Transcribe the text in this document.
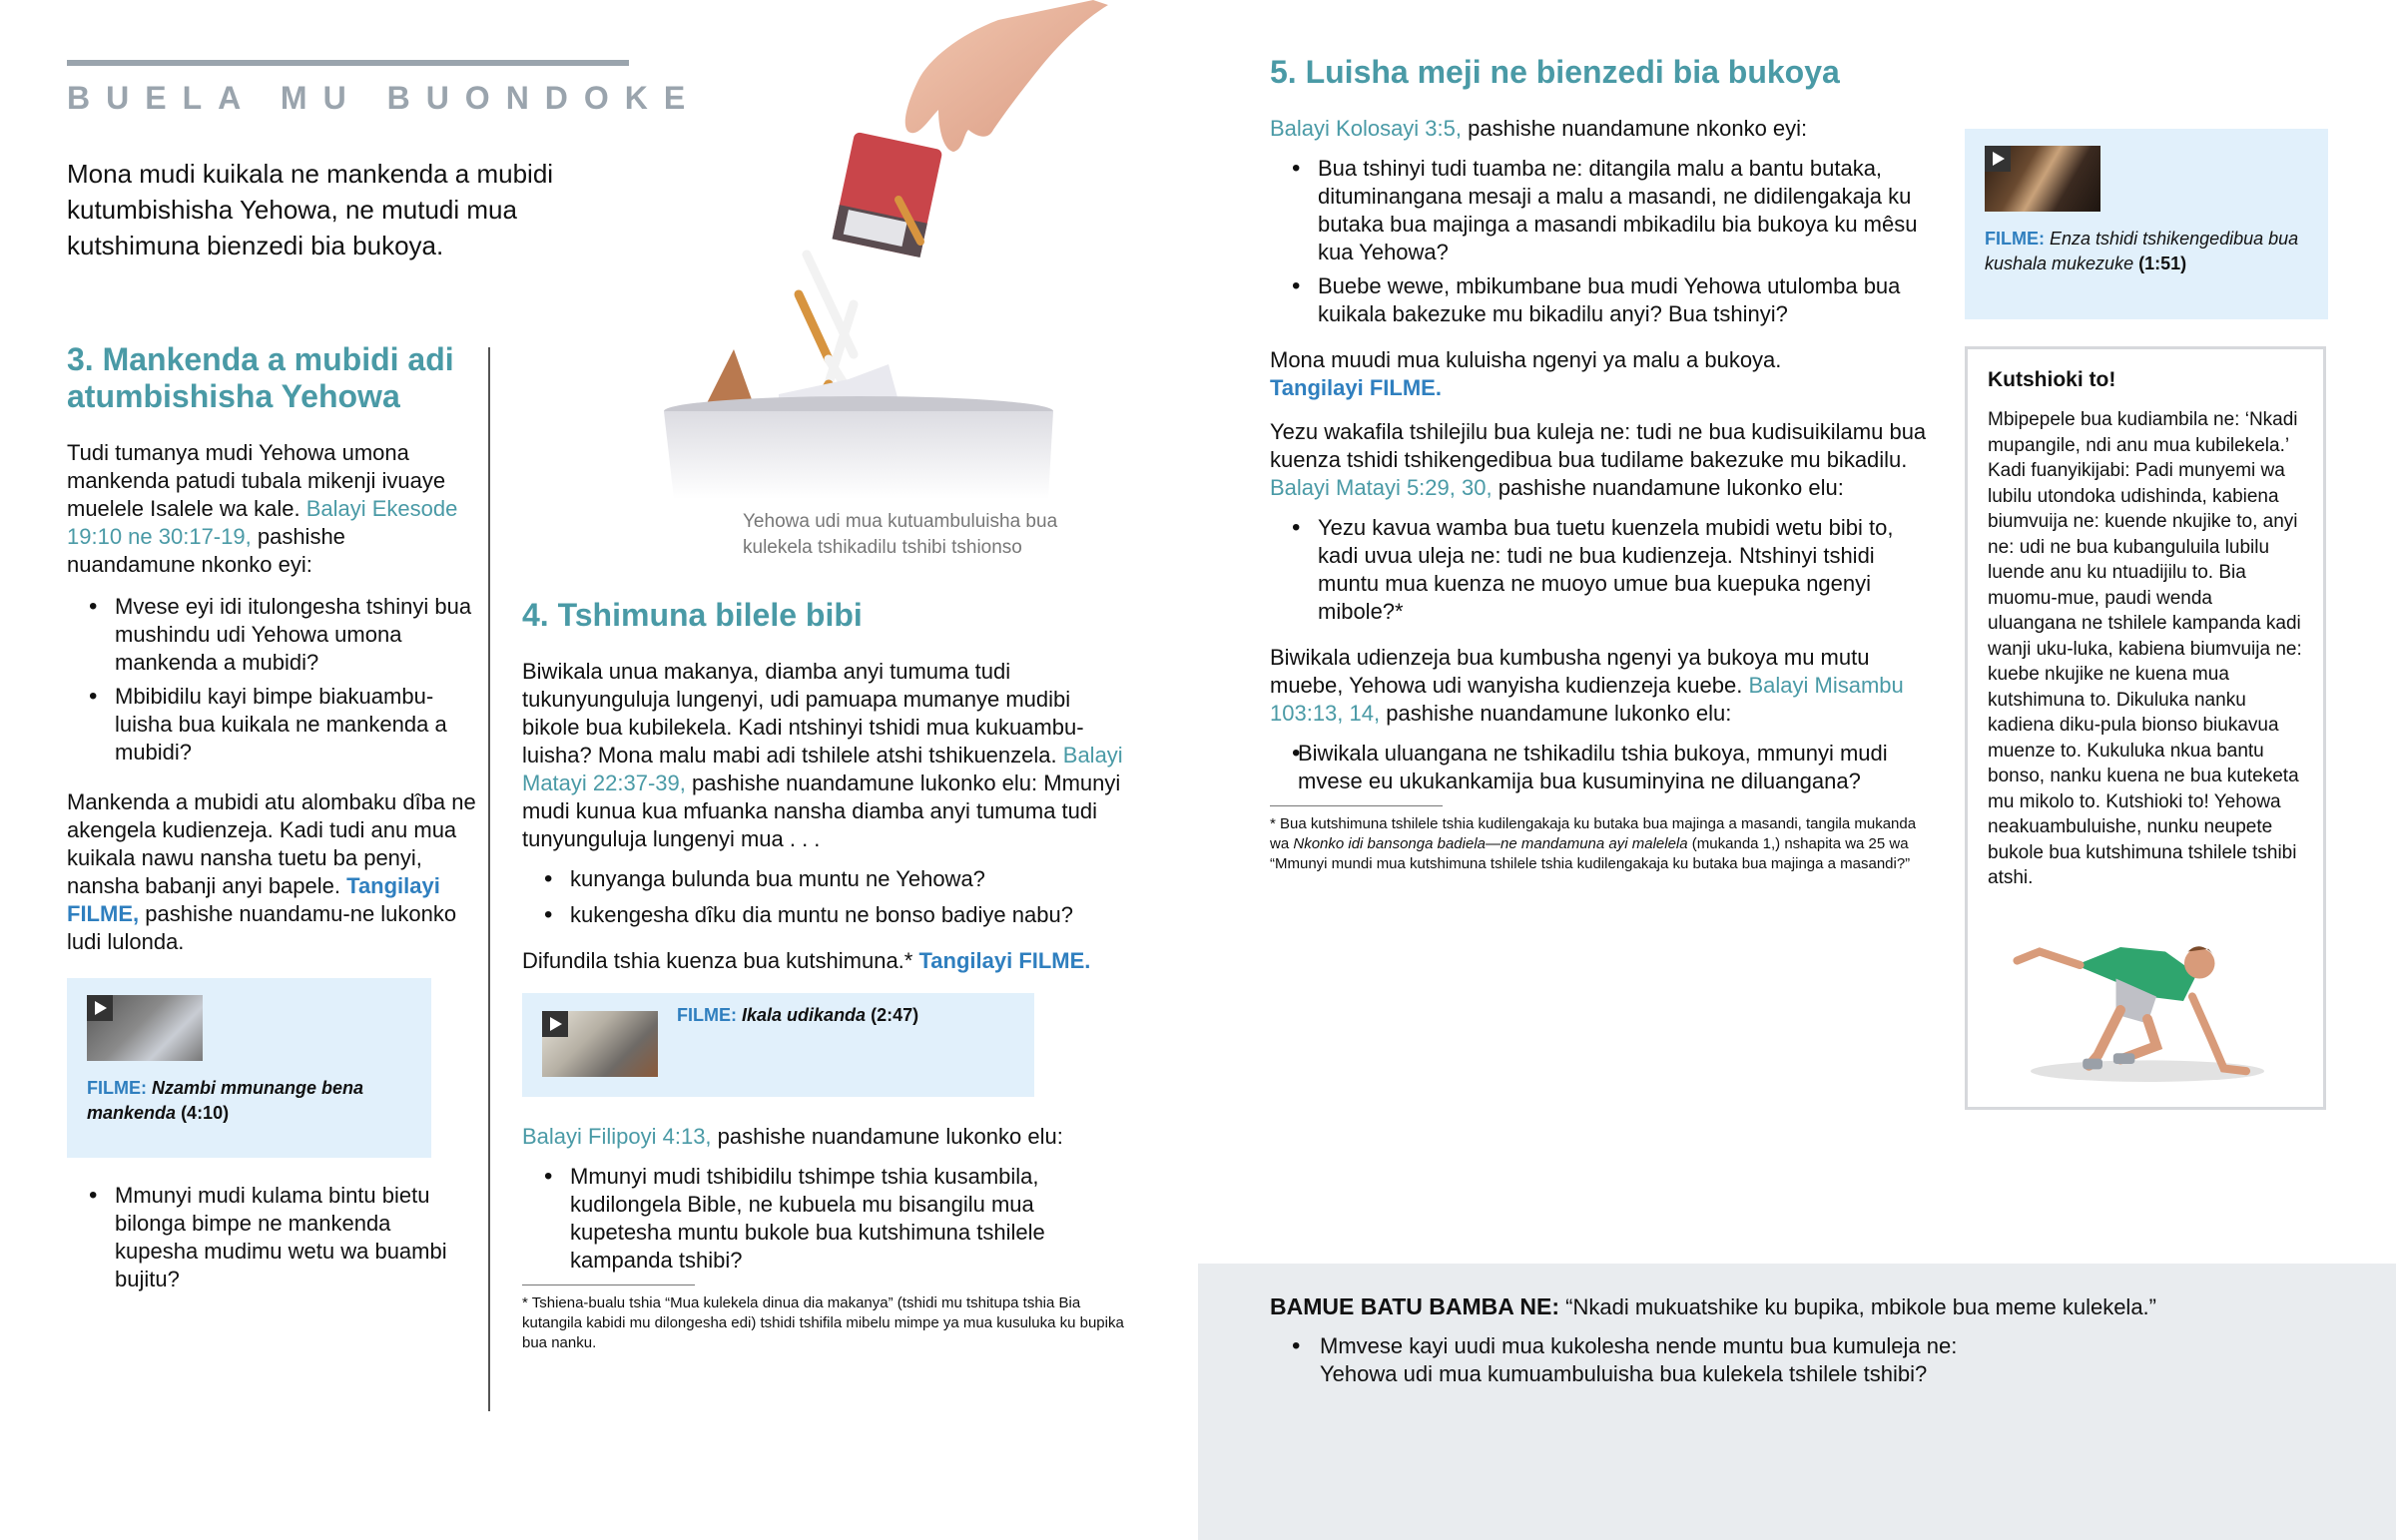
BUELA MU BUONDOKE
Mona mudi kuikala ne mankenda a mubidi kutumbishisha Yehowa, ne mutudi mua kutshimuna bienzedi bia bukoya.
3. Mankenda a mubidi adi atumbishisha Yehowa
Tudi tumanya mudi Yehowa umona mankenda patudi tubala mikenji ivuaye muelele Isalele wa kale. Balayi Ekesode 19:10 ne 30:17-19, pashishe nuandamune nkonko eyi:
• Mvese eyi idi itulongesha tshinyi bua mushindu udi Yehowa umona mankenda a mubidi?
• Mbibidilu kayi bimpe biakuambu-luisha bua kuikala ne mankenda a mubidi?
Mankenda a mubidi atu alombaku dîba ne akengela kudienzeja. Kadi tudi anu mua kuikala nawu nansha tuetu ba penyi, nansha babanji anyi bapele. Tangilayi FILME, pashishe nuandamu-ne lukonko ludi lulonda.
FILME: Nzambi mmunange bena mankenda (4:10)
• Mmunyi mudi kulama bintu bietu bilonga bimpe ne mankenda kupesha mudimu wetu wa buambi bujitu?
Yehowa udi mua kutuambuluisha bua kulekela tshikadilu tshibi tshionso
4. Tshimuna bilele bibi
Biwikala unua makanya, diamba anyi tumuma tudi tukunyunguluja lungenyi, udi pamuapa mumanye mudibi bikole bua kubilekela. Kadi ntshinyi tshidi mua kukuambu-luisha? Mona malu mabi adi tshilele atshi tshikuenzela. Balayi Matayi 22:37-39, pashishe nuandamune lukonko elu: Mmunyi mudi kunua kua mfuanka nansha diamba anyi tumuma tudi tunyunguluja lungenyi mua . . .
• kunyanga bulunda bua muntu ne Yehowa?
• kukengesha dîku dia muntu ne bonso badiye nabu?
Difundila tshia kuenza bua kutshimuna.* Tangilayi FILME.
FILME: Ikala udikanda (2:47)
Balayi Filipoyi 4:13, pashishe nuandamune lukonko elu:
• Mmunyi mudi tshibidilu tshimpe tshia kusambila, kudilongela Bible, ne kubuela mu bisangilu mua kupetesha muntu bukole bua kutshimuna tshilele kampanda tshibi?
* Tshiena-bualu tshia “Mua kulekela dinua dia makanya” (tshidi mu tshitupa tshia Bia kutangila kabidi mu dilongesha edi) tshidi tshifila mibelu mimpe ya mua kusuluka ku bupika bua nanku.
5. Luisha meji ne bienzedi bia bukoya
Balayi Kolosayi 3:5, pashishe nuandamune nkonko eyi:
• Bua tshinyi tudi tuamba ne: ditangila malu a bantu butaka, dituminangana mesaji a malu a masandi, ne didilengakaja ku butaka bua majinga a masandi mbikadilu bia bukoya ku mêsu kua Yehowa?
• Buebe wewe, mbikumbane bua mudi Yehowa utulomba bua kuikala bakezuke mu bikadilu anyi? Bua tshinyi?
Mona muudi mua kuluisha ngenyi ya malu a bukoya.
Tangilayi FILME.
Yezu wakafila tshilejilu bua kuleja ne: tudi ne bua kudisuikilamu bua kuenza tshidi tshikengedibua bua tudilame bakezuke mu bikadilu. Balayi Matayi 5:29, 30, pashishe nuandamune lukonko elu:
• Yezu kavua wamba bua tuetu kuenzela mubidi wetu bibi to, kadi uvua uleja ne: tudi ne bua kudienzeja. Ntshinyi tshidi muntu mua kuenza ne muoyo umue bua kuepuka ngenyi mibole?*
Biwikala udienzeja bua kumbusha ngenyi ya bukoya mu mutu muebe, Yehowa udi wanyisha kudienzeja kuebe. Balayi Misambu 103:13, 14, pashishe nuandamune lukonko elu:
• Biwikala uluangana ne tshikadilu tshia bukoya, mmunyi mudi mvese eu ukukankamija bua kusuminyina ne diluangana?
* Bua kutshimuna tshilele tshia kudilengakaja ku butaka bua majinga a masandi, tangila mukanda wa Nkonko idi bansonga badiela—ne mandamuna ayi malelela (mukanda 1,) nshapita wa 25 wa “Mmunyi mundi mua kutshimuna tshilele tshia kudilengakaja ku butaka bua majinga a masandi?”
FILME: Enza tshidi tshikengedibua bua kushala mukezuke (1:51)
Kutshioki to!
Mbipepele bua kudiambila ne: ‘Nkadi mupangile, ndi anu mua kubilekela.’ Kadi fuanyikijabi: Padi munyemi wa lubilu utondoka udishinda, kabiena biumvuija ne: kuende nkujike to, anyi ne: udi ne bua kubanguluila lubilu luende anu ku ntuadijilu to. Bia muomu-mue, paudi wenda uluangana ne tshilele kampanda kadi wanji uku-luka, kabiena biumvuija ne: kuebe nkujike ne kuena mua kutshimuna to. Dikuluka nanku kadiena diku-pula bionso biukavua muenze to. Kukuluka nkua bantu bonso, nanku kuena ne bua kuteketa mu mikolo to. Kutshioki to! Yehowa neakuambuluishe, nunku neupete bukole bua kutshimuna tshilele tshibi atshi.
BAMUE BATU BAMBA NE: “Nkadi mukuatshike ku bupika, mbikole bua meme kulekela.”
• Mmvese kayi uudi mua kukolesha nende muntu bua kumuleja ne: Yehowa udi mua kumuambuluisha bua kulekela tshilele tshibi?
